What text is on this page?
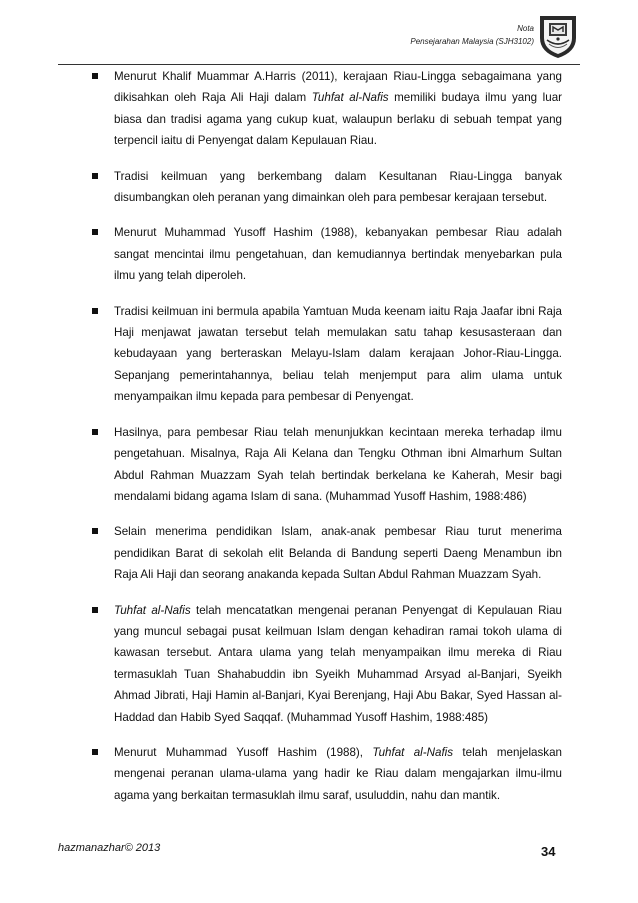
Nota
Pensejarahan Malaysia (SJH3102)
Menurut Khalif Muammar A.Harris (2011), kerajaan Riau-Lingga sebagaimana yang dikisahkan oleh Raja Ali Haji dalam Tuhfat al-Nafis memiliki budaya ilmu yang luar biasa dan tradisi agama yang cukup kuat, walaupun berlaku di sebuah tempat yang terpencil iaitu di Penyengat dalam Kepulauan Riau.
Tradisi keilmuan yang berkembang dalam Kesultanan Riau-Lingga banyak disumbangkan oleh peranan yang dimainkan oleh para pembesar kerajaan tersebut.
Menurut Muhammad Yusoff Hashim (1988), kebanyakan pembesar Riau adalah sangat mencintai ilmu pengetahuan, dan kemudiannya bertindak menyebarkan pula ilmu yang telah diperoleh.
Tradisi keilmuan ini bermula apabila Yamtuan Muda keenam iaitu Raja Jaafar ibni Raja Haji menjawat jawatan tersebut telah memulakan satu tahap kesusasteraan dan kebudayaan yang berteraskan Melayu-Islam dalam kerajaan Johor-Riau-Lingga. Sepanjang pemerintahannya, beliau telah menjemput para alim ulama untuk menyampaikan ilmu kepada para pembesar di Penyengat.
Hasilnya, para pembesar Riau telah menunjukkan kecintaan mereka terhadap ilmu pengetahuan. Misalnya, Raja Ali Kelana dan Tengku Othman ibni Almarhum Sultan Abdul Rahman Muazzam Syah telah bertindak berkelana ke Kaherah, Mesir bagi mendalami bidang agama Islam di sana. (Muhammad Yusoff Hashim, 1988:486)
Selain menerima pendidikan Islam, anak-anak pembesar Riau turut menerima pendidikan Barat di sekolah elit Belanda di Bandung seperti Daeng Menambun ibn Raja Ali Haji dan seorang anakanda kepada Sultan Abdul Rahman Muazzam Syah.
Tuhfat al-Nafis telah mencatatkan mengenai peranan Penyengat di Kepulauan Riau yang muncul sebagai pusat keilmuan Islam dengan kehadiran ramai tokoh ulama di kawasan tersebut. Antara ulama yang telah menyampaikan ilmu mereka di Riau termasuklah Tuan Shahabuddin ibn Syeikh Muhammad Arsyad al-Banjari, Syeikh Ahmad Jibrati, Haji Hamin al-Banjari, Kyai Berenjang, Haji Abu Bakar, Syed Hassan al-Haddad dan Habib Syed Saqqaf. (Muhammad Yusoff Hashim, 1988:485)
Menurut Muhammad Yusoff Hashim (1988), Tuhfat al-Nafis telah menjelaskan mengenai peranan ulama-ulama yang hadir ke Riau dalam mengajarkan ilmu-ilmu agama yang berkaitan termasuklah ilmu saraf, usuluddin, nahu dan mantik.
hazmanazhar© 2013	34
